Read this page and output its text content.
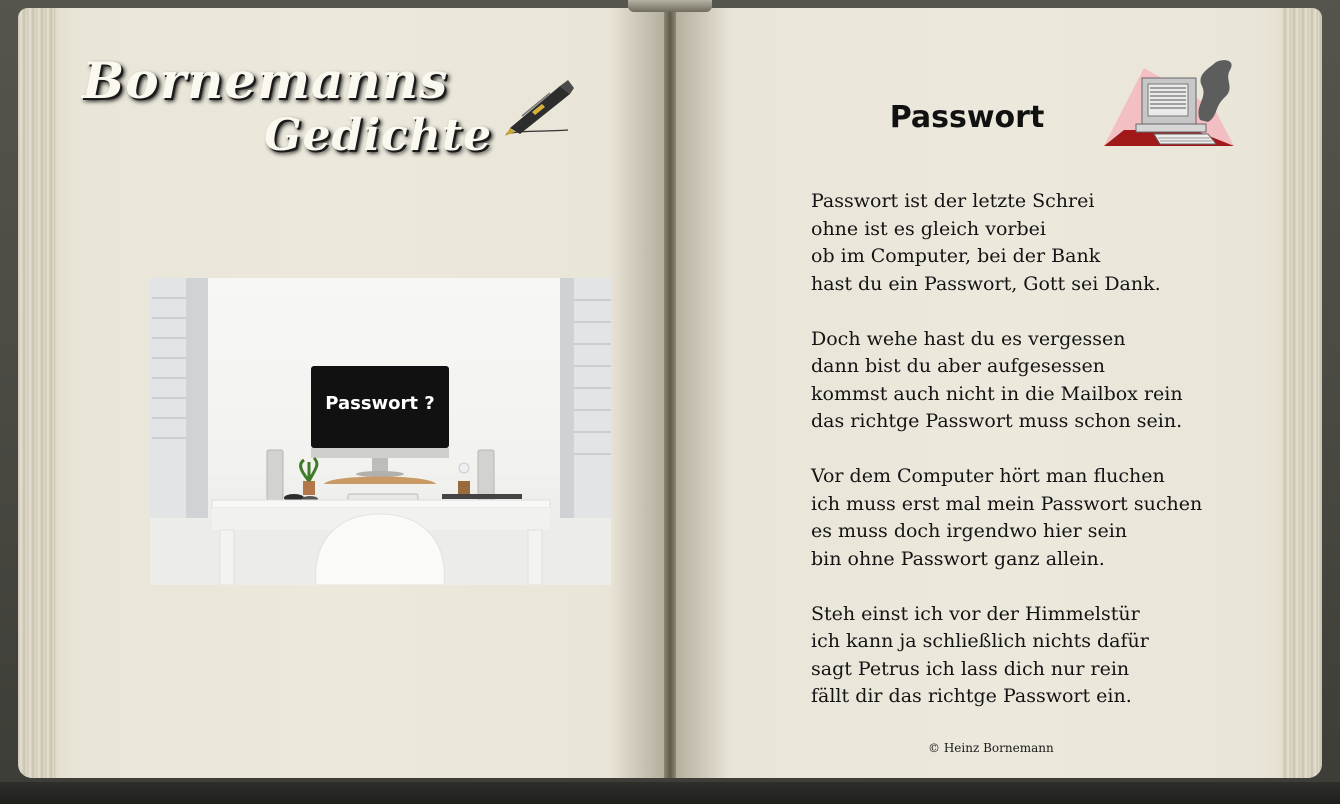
Bornemanns
Gedichte
Passwort ?
Passwort
Passwort ist der letzte Schrei
ohne ist es gleich vorbei
ob im Computer, bei der Bank
hast du ein Passwort, Gott sei Dank.
Doch wehe hast du es vergessen
dann bist du aber aufgesessen
kommst auch nicht in die Mailbox rein
das richtge Passwort muss schon sein.
Vor dem Computer hört man fluchen
ich muss erst mal mein Passwort suchen
es muss doch irgendwo hier sein
bin ohne Passwort ganz allein.
Steh einst ich vor der Himmelstür
ich kann ja schließlich nichts dafür
sagt Petrus ich lass dich nur rein
fällt dir das richtge Passwort ein.
© Heinz Bornemann
